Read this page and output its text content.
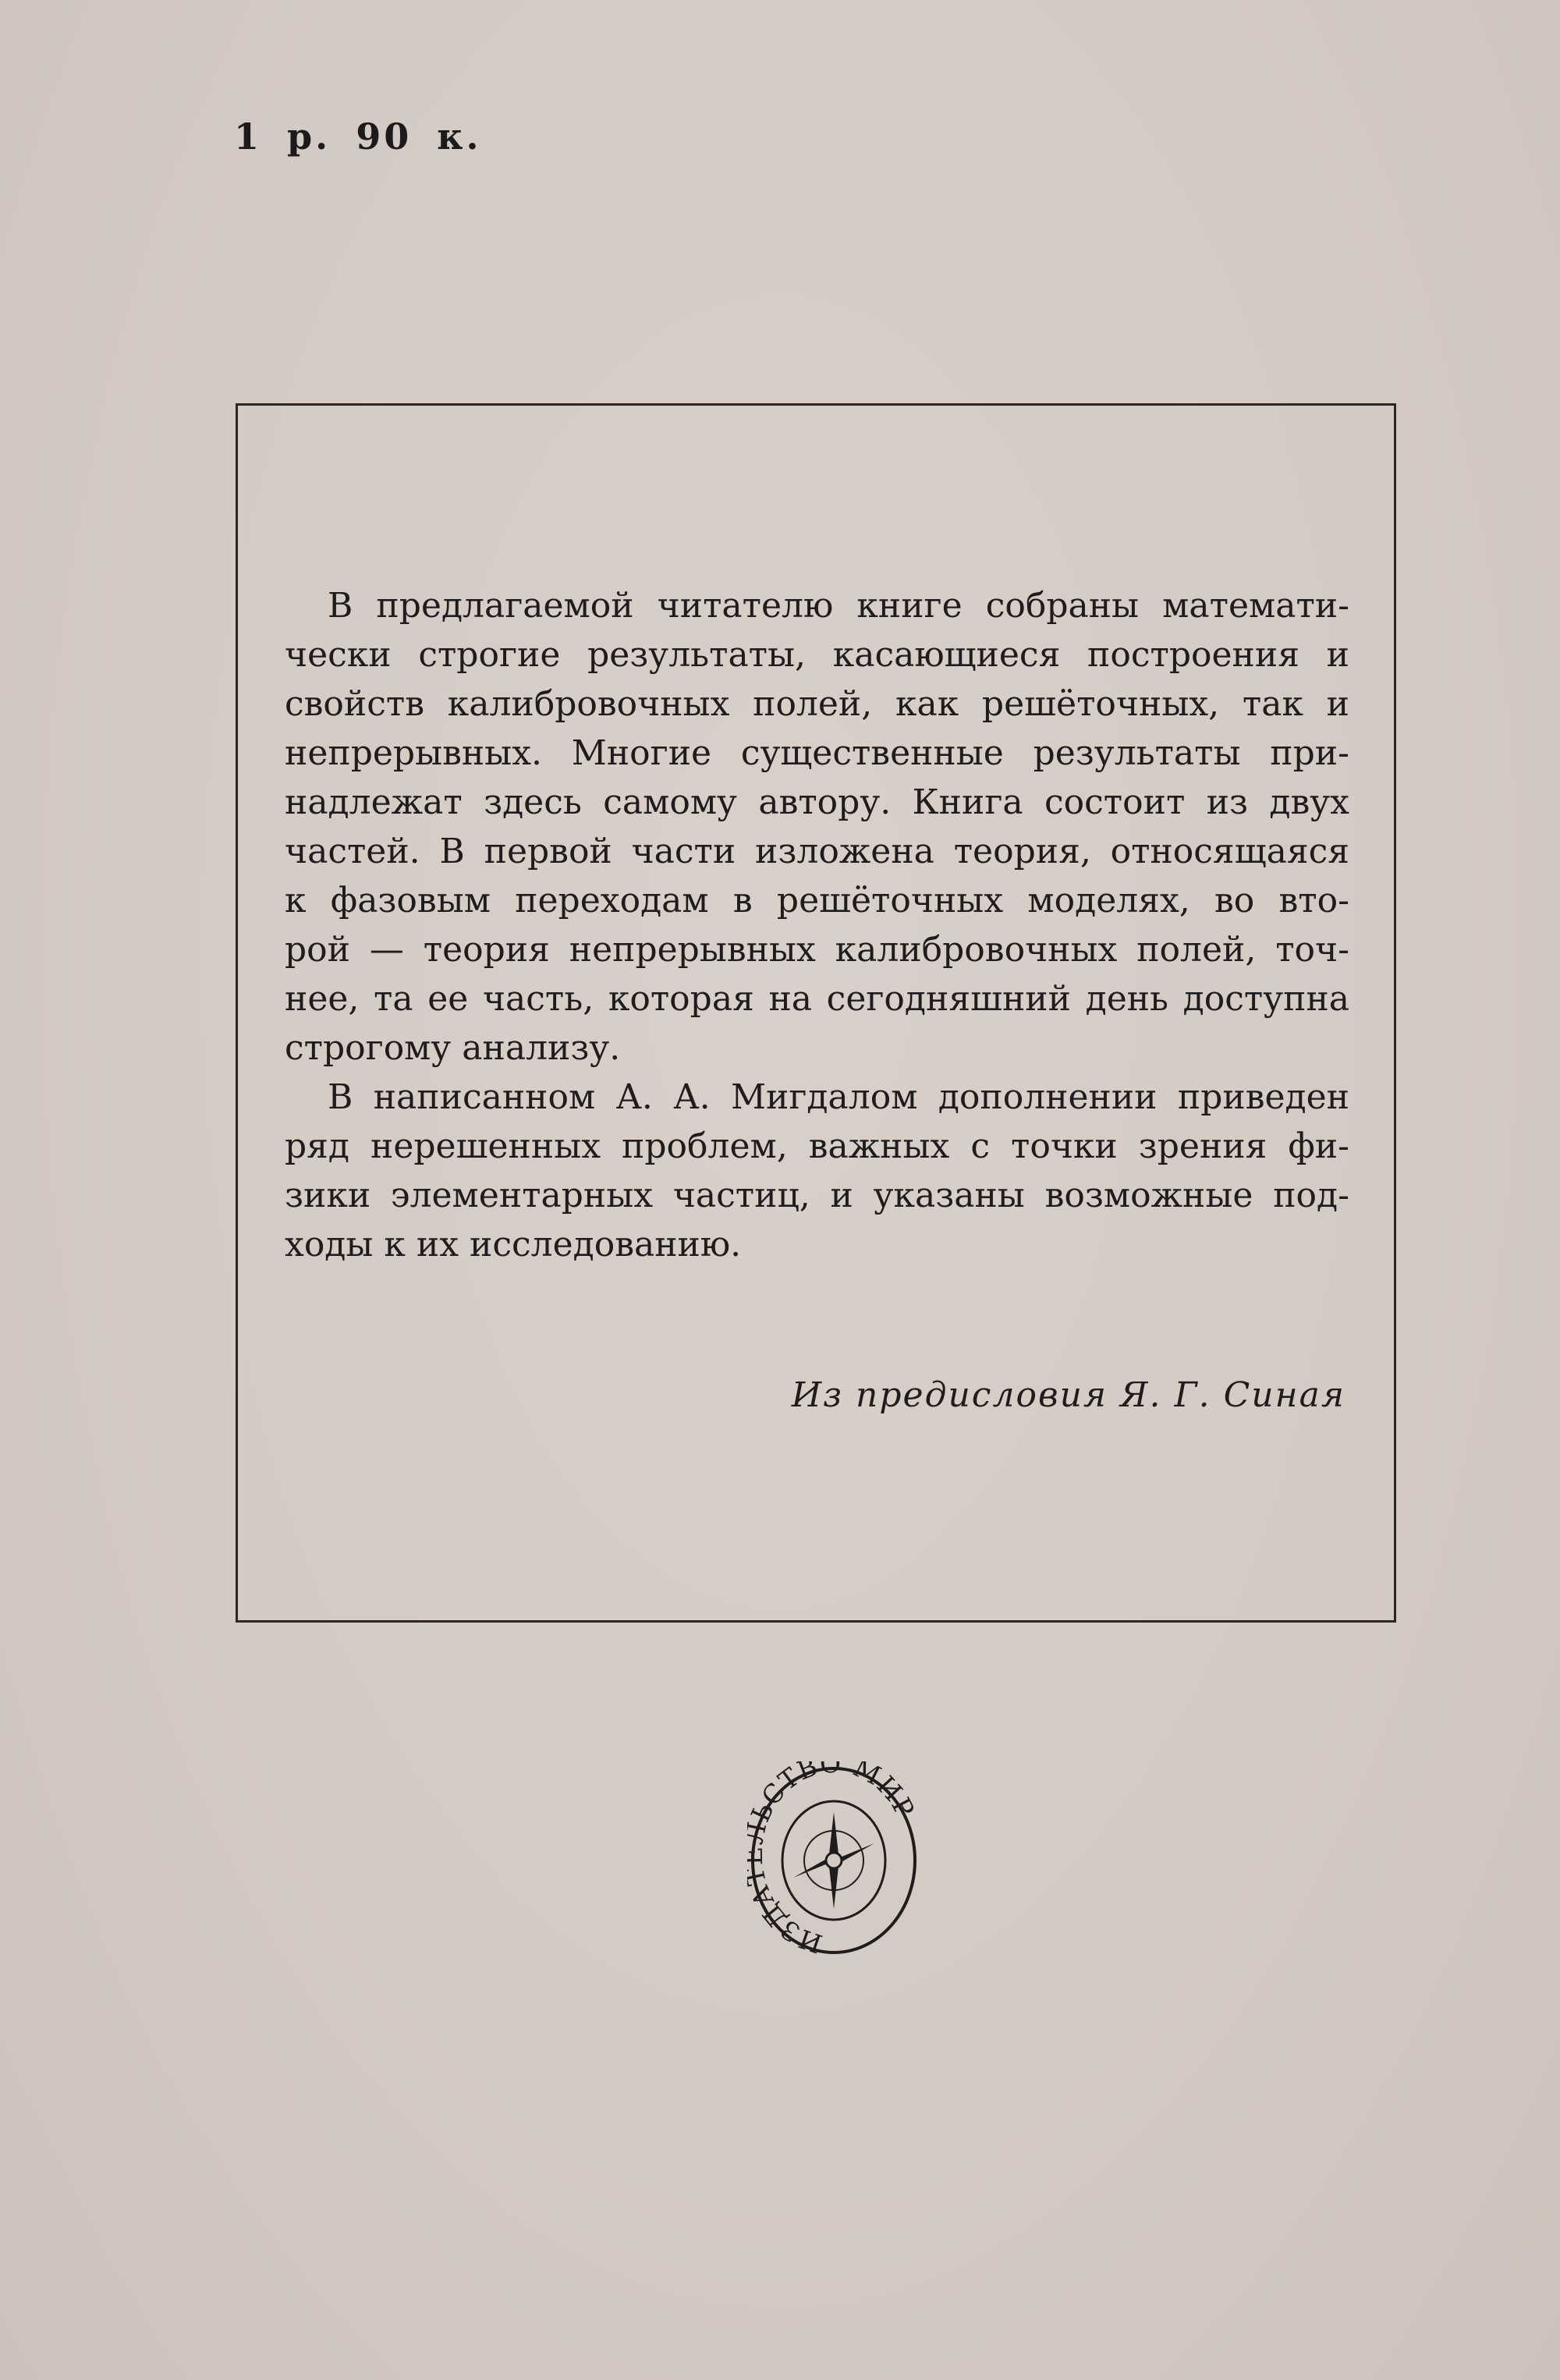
1 р. 90 к.
В предлагаемой читателю книге собраны математи-
чески строгие результаты, касающиеся построения и
свойств калибровочных полей, как решёточных, так и
непрерывных. Многие существенные результаты при-
надлежат здесь самому автору. Книга состоит из двух
частей. В первой части изложена теория, относящаяся
к фазовым переходам в решёточных моделях, во вто-
рой — теория непрерывных калибровочных полей, точ-
нее, та ее часть, которая на сегодняшний день доступна
строгому анализу.
В написанном А. А. Мигдалом дополнении приведен
ряд нерешенных проблем, важных с точки зрения фи-
зики элементарных частиц, и указаны возможные под-
ходы к их исследованию.
Из предисловия Я. Г. Синая
ИЗДА ЬСТВО МИР
